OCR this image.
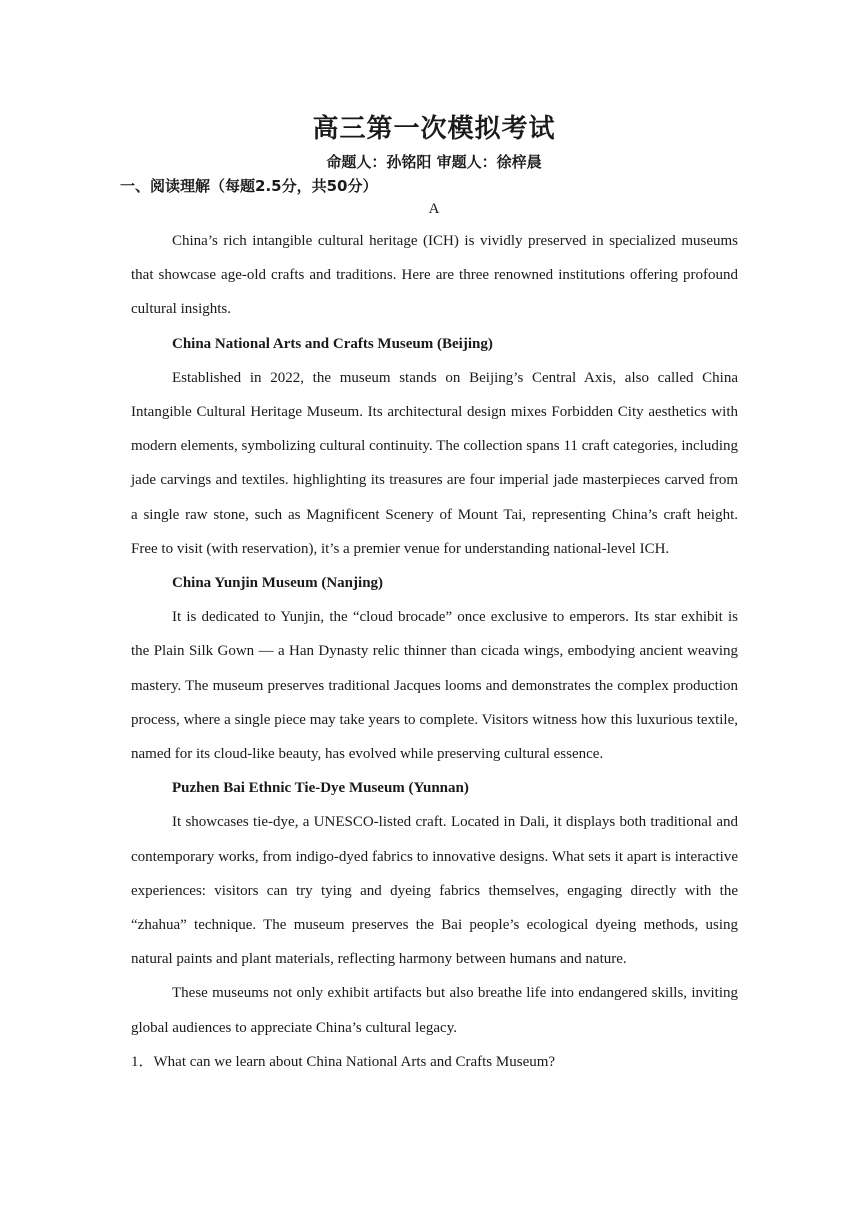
高三第一次模拟考试
命题人：孙铭阳 审题人：徐梓晨
一、阅读理解（每题2.5分，共50分）
A

China’s rich intangible cultural heritage (ICH) is vividly preserved in specialized museums that showcase age-old crafts and traditions. Here are three renowned institutions offering profound cultural insights.

China National Arts and Crafts Museum (Beijing)

Established in 2022, the museum stands on Beijing’s Central Axis, also called China Intangible Cultural Heritage Museum. Its architectural design mixes Forbidden City aesthetics with modern elements, symbolizing cultural continuity. The collection spans 11 craft categories, including jade carvings and textiles. highlighting its treasures are four imperial jade masterpieces carved from a single raw stone, such as Magnificent Scenery of Mount Tai, representing China’s craft height. Free to visit (with reservation), it’s a premier venue for understanding national-level ICH.

China Yunjin Museum (Nanjing)

It is dedicated to Yunjin, the “cloud brocade” once exclusive to emperors. Its star exhibit is the Plain Silk Gown — a Han Dynasty relic thinner than cicada wings, embodying ancient weaving mastery. The museum preserves traditional Jacques looms and demonstrates the complex production process, where a single piece may take years to complete. Visitors witness how this luxurious textile, named for its cloud-like beauty, has evolved while preserving cultural essence.

Puzhen Bai Ethnic Tie-Dye Museum (Yunnan)

It showcases tie-dye, a UNESCO-listed craft. Located in Dali, it displays both traditional and contemporary works, from indigo-dyed fabrics to innovative designs. What sets it apart is interactive experiences: visitors can try tying and dyeing fabrics themselves, engaging directly with the “zhahua” technique. The museum preserves the Bai people’s ecological dyeing methods, using natural paints and plant materials, reflecting harmony between humans and nature.

These museums not only exhibit artifacts but also breathe life into endangered skills, inviting global audiences to appreciate China’s cultural legacy.

1．What can we learn about China National Arts and Crafts Museum?
